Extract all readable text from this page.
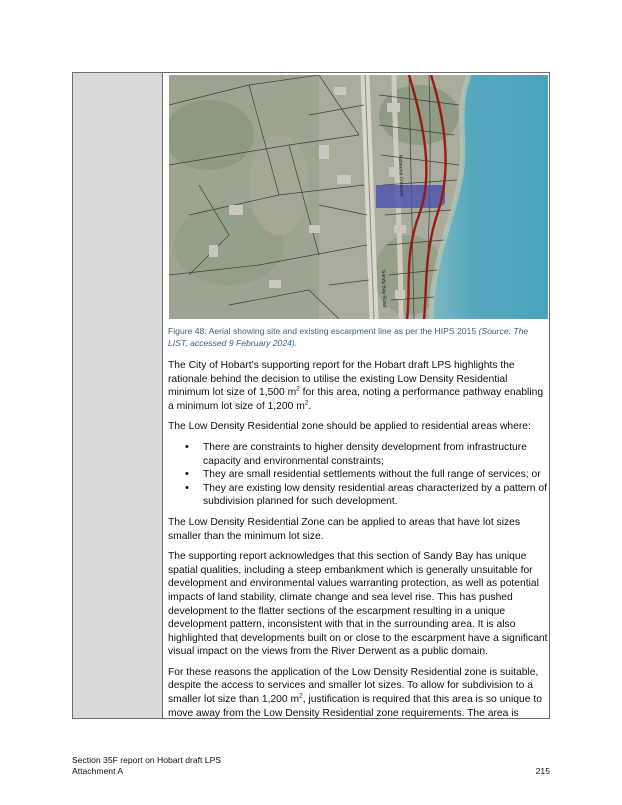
Sandy Bay Road
Nubeena Crescent
Figure 48: Aerial showing site and existing escarpment line as per the HIPS 2015 (Source: The LIST, accessed 9 February 2024).

The City of Hobart’s supporting report for the Hobart draft LPS highlights the rationale behind the decision to utilise the existing Low Density Residential minimum lot size of 1,500 $m^2$ for this area, noting a performance pathway enabling a minimum lot size of 1,200 $m^2$.

The Low Density Residential zone should be applied to residential areas where:

• There are constraints to higher density development from infrastructure capacity and environmental constraints;
• They are small residential settlements without the full range of services; or
• They are existing low density residential areas characterized by a pattern of subdivision planned for such development.

The Low Density Residential Zone can be applied to areas that have lot sizes smaller than the minimum lot size.

The supporting report acknowledges that this section of Sandy Bay has unique spatial qualities, including a steep embankment which is generally unsuitable for development and environmental values warranting protection, as well as potential impacts of land stability, climate change and sea level rise. This has pushed development to the flatter sections of the escarpment resulting in a unique development pattern, inconsistent with that in the surrounding area. It is also highlighted that developments built on or close to the escarpment have a significant visual impact on the views from the River Derwent as a public domain.

For these reasons the application of the Low Density Residential zone is suitable, despite the access to services and smaller lot sizes. To allow for subdivision to a smaller lot size than 1,200 $m^2$, justification is required that this area is so unique to move away from the Low Density Residential zone requirements. The area is

Section 35F report on Hobart draft LPS
Attachment A	215
